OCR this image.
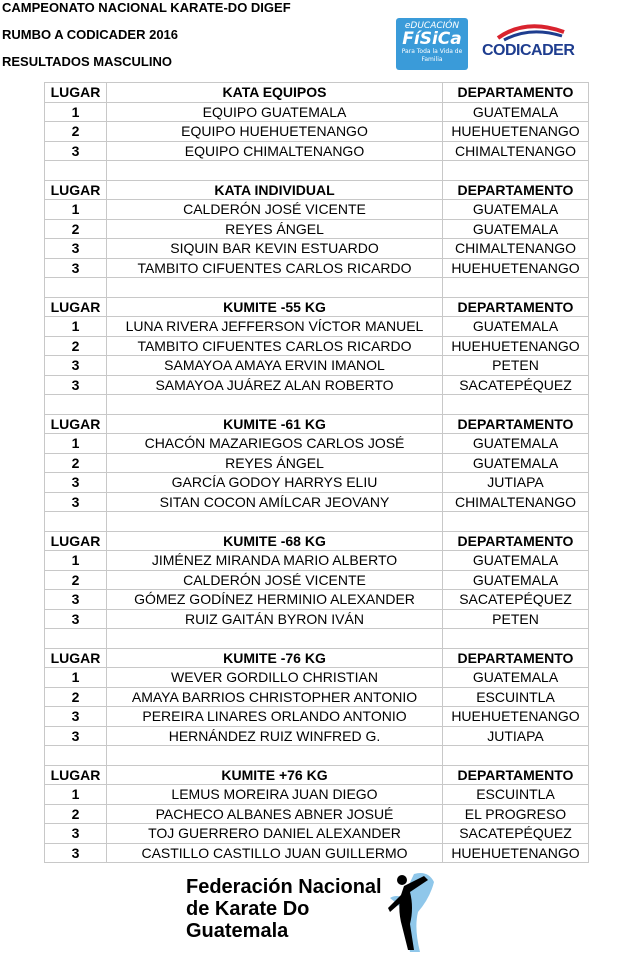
CAMPEONATO NACIONAL KARATE-DO DIGEF
RUMBO A CODICADER 2016
RESULTADOS MASCULINO
eDUCACIÓN
FíSiCa
Para Toda la Vida de Familia
CODICADER
LUGAR	KATA EQUIPOS	DEPARTAMENTO
1	EQUIPO GUATEMALA	GUATEMALA
2	EQUIPO HUEHUETENANGO	HUEHUETENANGO
3	EQUIPO CHIMALTENANGO	CHIMALTENANGO

LUGAR	KATA INDIVIDUAL	DEPARTAMENTO
1	CALDERÓN JOSÉ VICENTE	GUATEMALA
2	REYES ÁNGEL	GUATEMALA
3	SIQUIN BAR KEVIN ESTUARDO	CHIMALTENANGO
3	TAMBITO CIFUENTES CARLOS RICARDO	HUEHUETENANGO

LUGAR	KUMITE -55 KG	DEPARTAMENTO
1	LUNA RIVERA JEFFERSON VÍCTOR MANUEL	GUATEMALA
2	TAMBITO CIFUENTES CARLOS RICARDO	HUEHUETENANGO
3	SAMAYOA AMAYA ERVIN IMANOL	PETEN
3	SAMAYOA JUÁREZ ALAN ROBERTO	SACATEPÉQUEZ

LUGAR	KUMITE -61 KG	DEPARTAMENTO
1	CHACÓN MAZARIEGOS CARLOS JOSÉ	GUATEMALA
2	REYES ÁNGEL	GUATEMALA
3	GARCÍA GODOY HARRYS ELIU	JUTIAPA
3	SITAN COCON AMÍLCAR JEOVANY	CHIMALTENANGO

LUGAR	KUMITE -68 KG	DEPARTAMENTO
1	JIMÉNEZ MIRANDA MARIO ALBERTO	GUATEMALA
2	CALDERÓN JOSÉ VICENTE	GUATEMALA
3	GÓMEZ GODÍNEZ HERMINIO ALEXANDER	SACATEPÉQUEZ
3	RUIZ GAITÁN BYRON IVÁN	PETEN

LUGAR	KUMITE -76 KG	DEPARTAMENTO
1	WEVER GORDILLO CHRISTIAN	GUATEMALA
2	AMAYA BARRIOS CHRISTOPHER ANTONIO	ESCUINTLA
3	PEREIRA LINARES ORLANDO ANTONIO	HUEHUETENANGO
3	HERNÁNDEZ RUIZ WINFRED G.	JUTIAPA

LUGAR	KUMITE +76 KG	DEPARTAMENTO
1	LEMUS MOREIRA JUAN DIEGO	ESCUINTLA
2	PACHECO ALBANES ABNER JOSUÉ	EL PROGRESO
3	TOJ GUERRERO DANIEL ALEXANDER	SACATEPÉQUEZ
3	CASTILLO CASTILLO JUAN GUILLERMO	HUEHUETENANGO
Federación Nacional
de Karate Do
Guatemala
